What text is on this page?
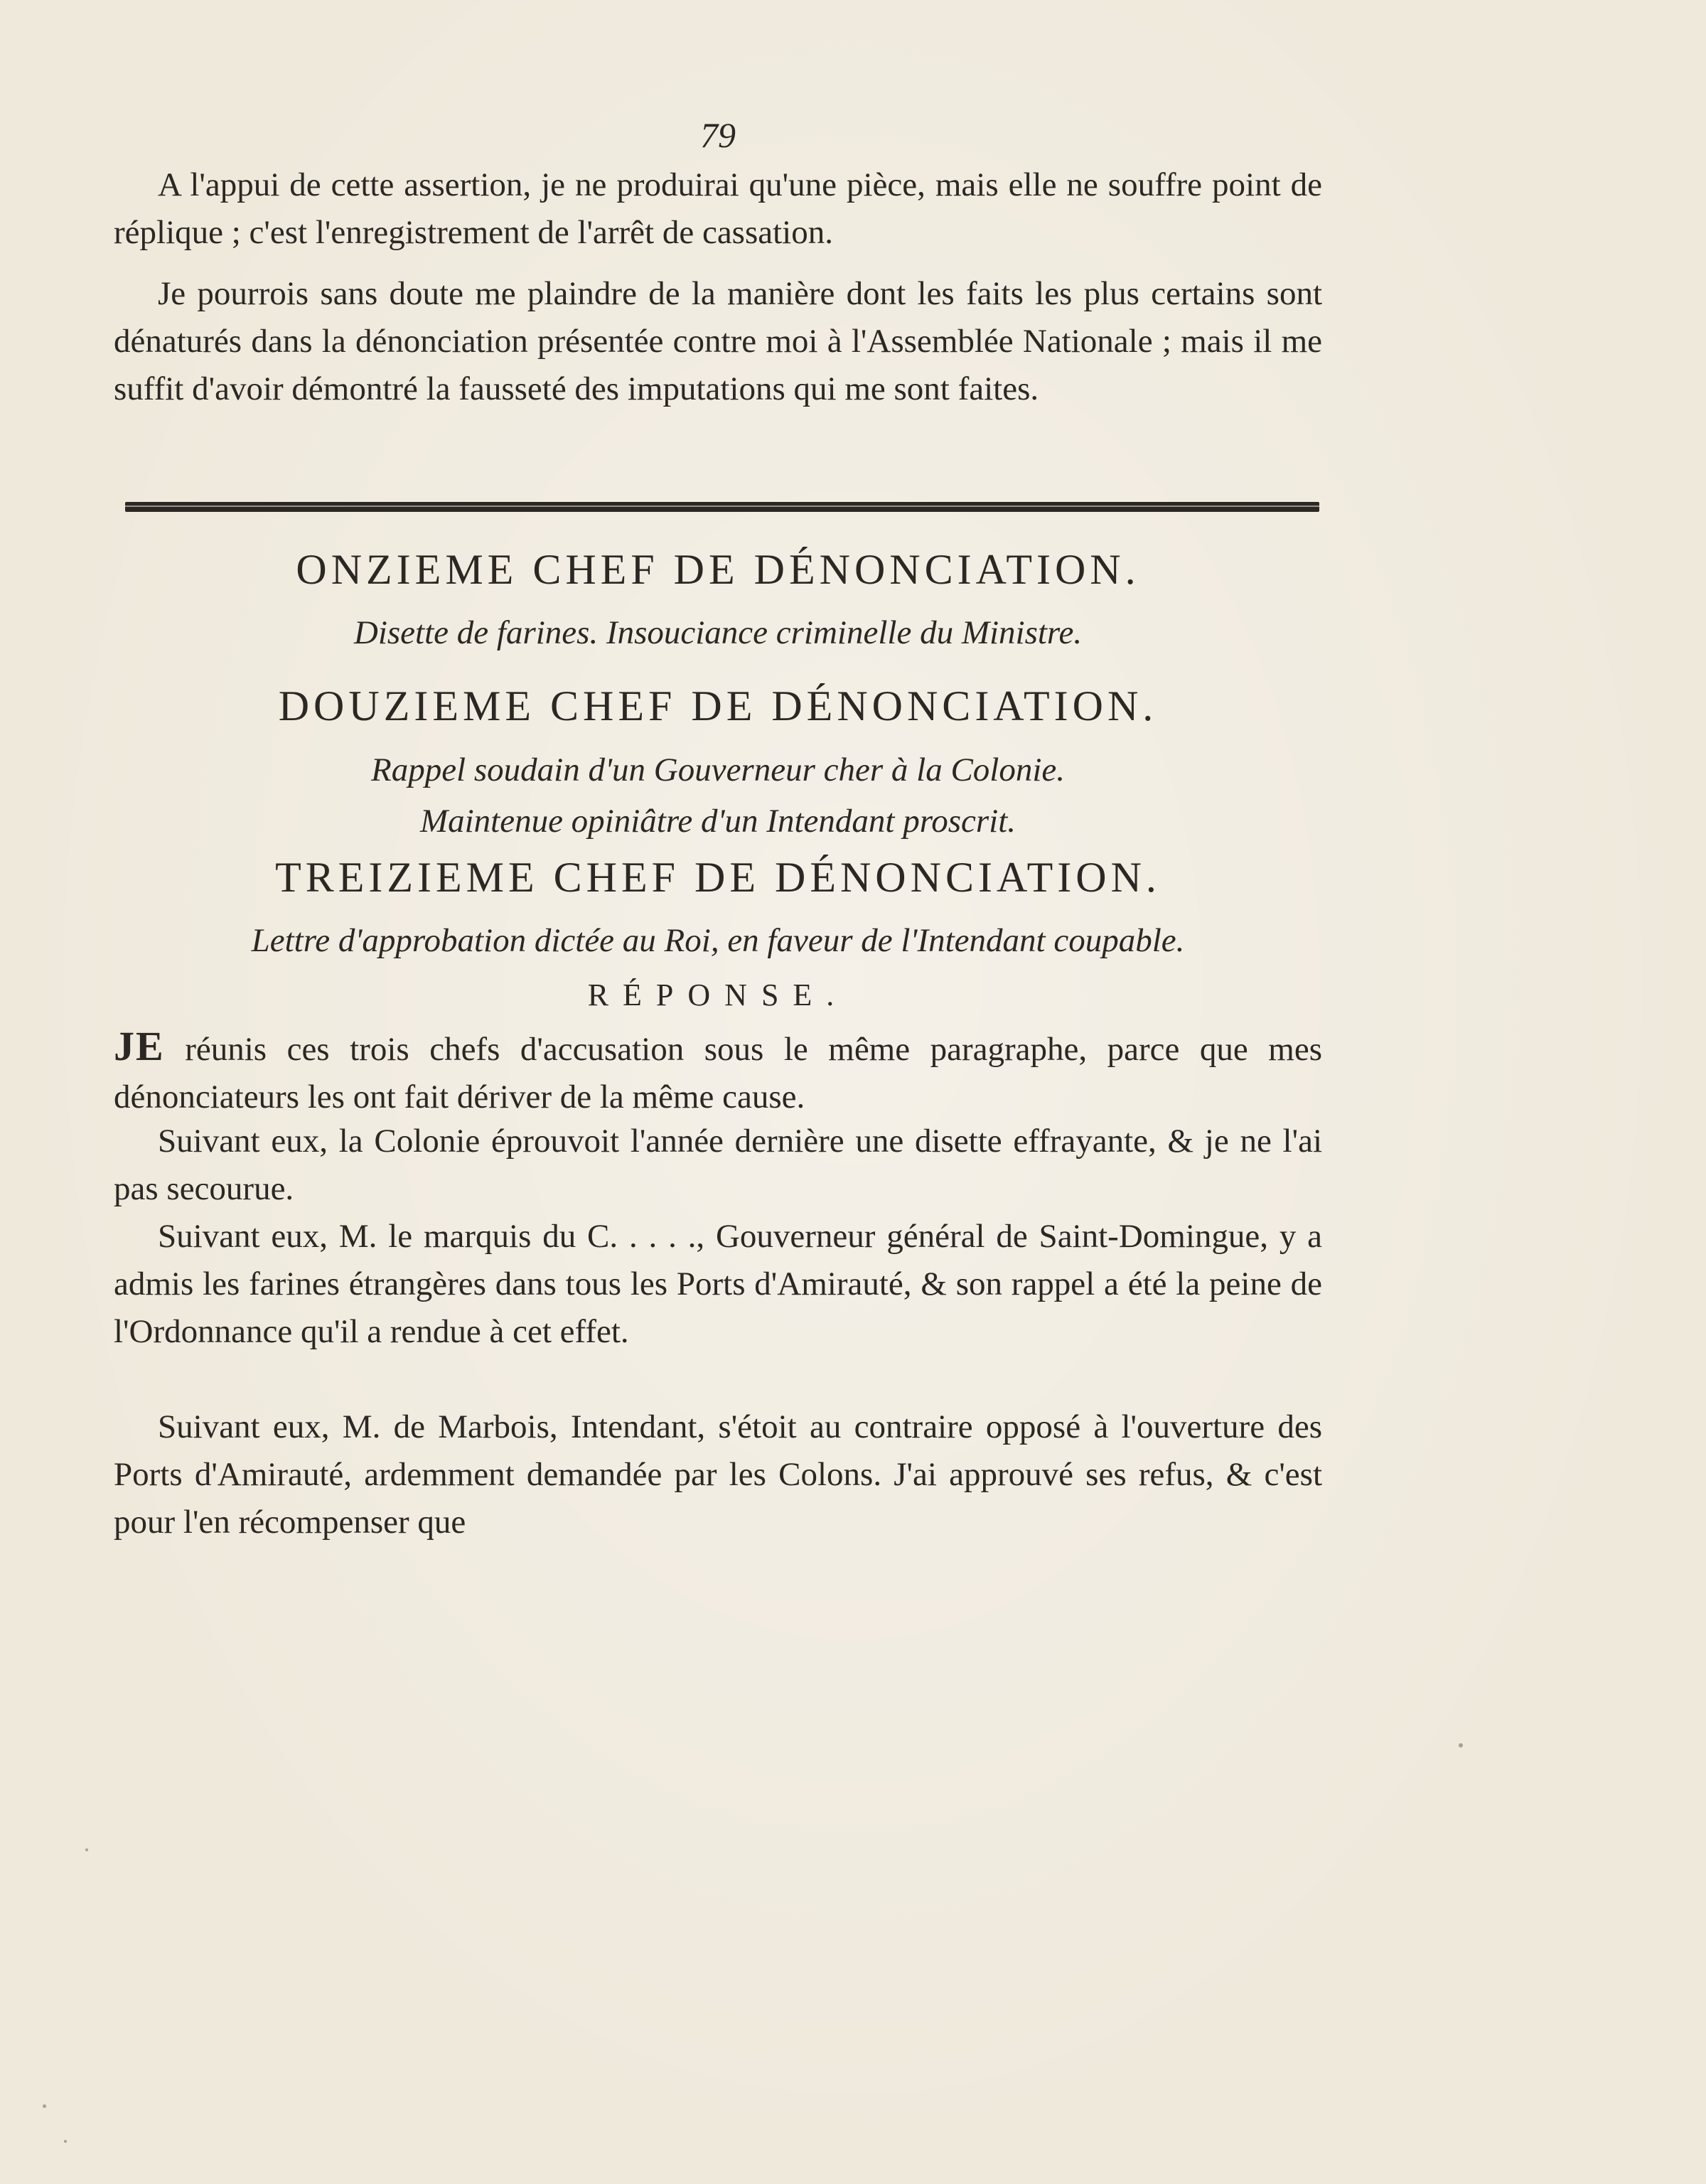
79

A l'appui de cette assertion, je ne produirai qu'une pièce, mais elle ne souffre point de réplique ; c'est l'enregistrement de l'arrêt de cassation.

Je pourrois sans doute me plaindre de la manière dont les faits les plus certains sont dénaturés dans la dénonciation présentée contre moi à l'Assemblée Nationale ; mais il me suffit d'avoir démontré la fausseté des imputations qui me sont faites.

ONZIEME CHEF DE DÉNONCIATION.
Disette de farines. Insouciance criminelle du Ministre.
DOUZIEME CHEF DE DÉNONCIATION.
Rappel soudain d'un Gouverneur cher à la Colonie.
Maintenue opiniâtre d'un Intendant proscrit.
TREIZIEME CHEF DE DÉNONCIATION.
Lettre d'approbation dictée au Roi, en faveur de l'Intendant coupable.
RÉPONSE.

JE réunis ces trois chefs d'accusation sous le même paragraphe, parce que mes dénonciateurs les ont fait dériver de la même cause.

Suivant eux, la Colonie éprouvoit l'année dernière une disette effrayante, & je ne l'ai pas secourue.

Suivant eux, M. le marquis du C. . . . ., Gouverneur général de Saint-Domingue, y a admis les farines étrangères dans tous les Ports d'Amirauté, & son rappel a été la peine de l'Ordonnance qu'il a rendue à cet effet.

Suivant eux, M. de Marbois, Intendant, s'étoit au contraire opposé à l'ouverture des Ports d'Amirauté, ardemment demandée par les Colons. J'ai approuvé ses refus, & c'est pour l'en récompenser que
